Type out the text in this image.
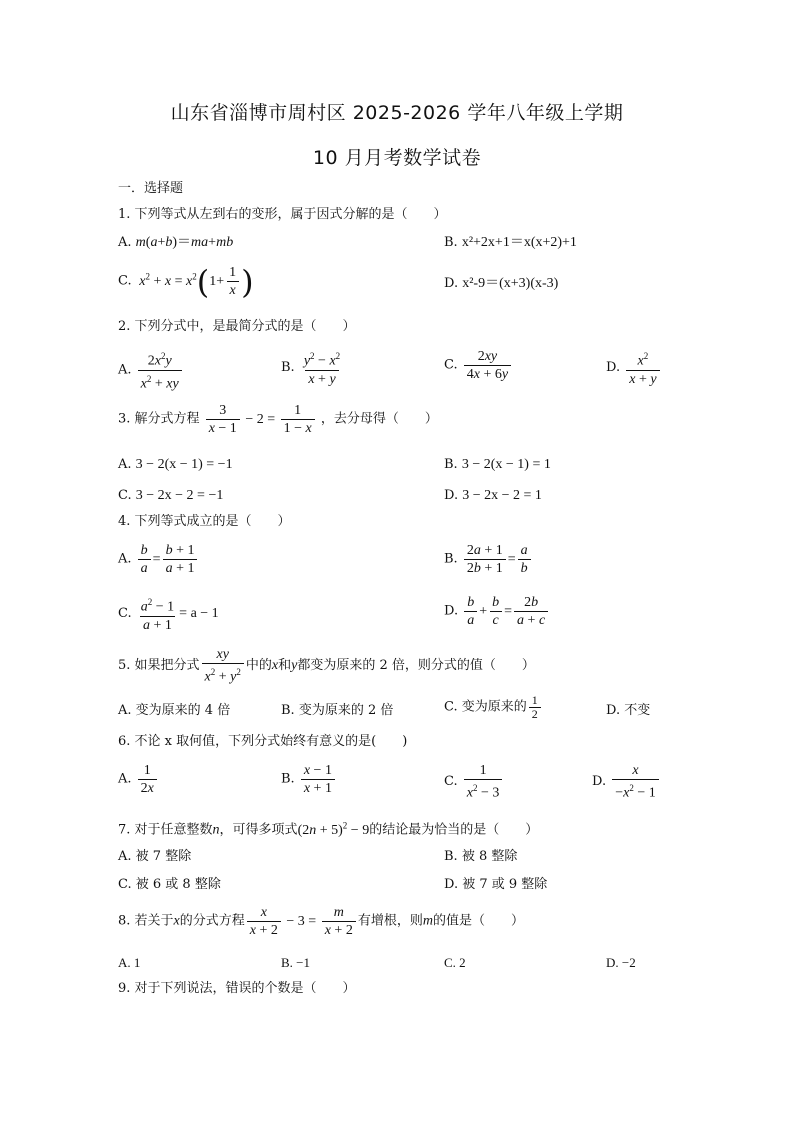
山东省淄博市周村区 2025-2026 学年八年级上学期
10 月月考数学试卷
一．选择题
1. 下列等式从左到右的变形，属于因式分解的是（　　）
A. m(a+b)＝ma+mb	B. x²+2x+1＝x(x+2)+1
C. $x^2 + x = x^2(1+ \frac{1}{x}$ )	D. x²-9＝(x+3)(x-3)
2. 下列分式中，是最简分式的是（　　）
A. $\frac{2x^2y}{x^2 + xy}$	B. $\frac{y^2 - x^2}{x + y}$	C. $\frac{2xy}{4x + 6y}$	D. $\frac{x^2}{x + y}$
3. 解分式方程 $\frac{3}{x - 1} - 2 = \frac{1}{1 - x}$ ，去分母得（　　）
A. 3 − 2(x − 1) = −1	B. 3 − 2(x − 1) = 1
C. 3 − 2x − 2 = −1	D. 3 − 2x − 2 = 1
4. 下列等式成立的是（　　）
A. $\frac{b}{a} = \frac{b + 1}{a + 1}$	B. $\frac{2a + 1}{2b + 1} = \frac{a}{b}$
C. $\frac{a^2 - 1}{a + 1} = a - 1$	D. $\frac{b}{a} + \frac{b}{c} = \frac{2b}{a + c}$
5. 如果把分式 $\frac{xy}{x^2 + y^2}$ 中的x和y都变为原来的 2 倍，则分式的值（　　）
A. 变为原来的 4 倍	B. 变为原来的 2 倍	C. 变为原来的 $\frac{1}{2}$	D. 不变
6. 不论 x 取何值，下列分式始终有意义的是(　　)
A. $\frac{1}{2x}$	B. $\frac{x - 1}{x + 1}$	C. $\frac{1}{x^2 - 3}$	D. $\frac{x}{-x^2 - 1}$
7. 对于任意整数n，可得多项式$(2n + 5)^2 - 9$的结论最为恰当的是（　　）
A. 被 7 整除	B. 被 8 整除
C. 被 6 或 8 整除	D. 被 7 或 9 整除
8. 若关于x的分式方程 $\frac{x}{x + 2} - 3 = \frac{m}{x + 2}$ 有增根，则m的值是（　　）
A. 1	B. −1	C. 2	D. −2
9. 对于下列说法，错误的个数是（　　）
